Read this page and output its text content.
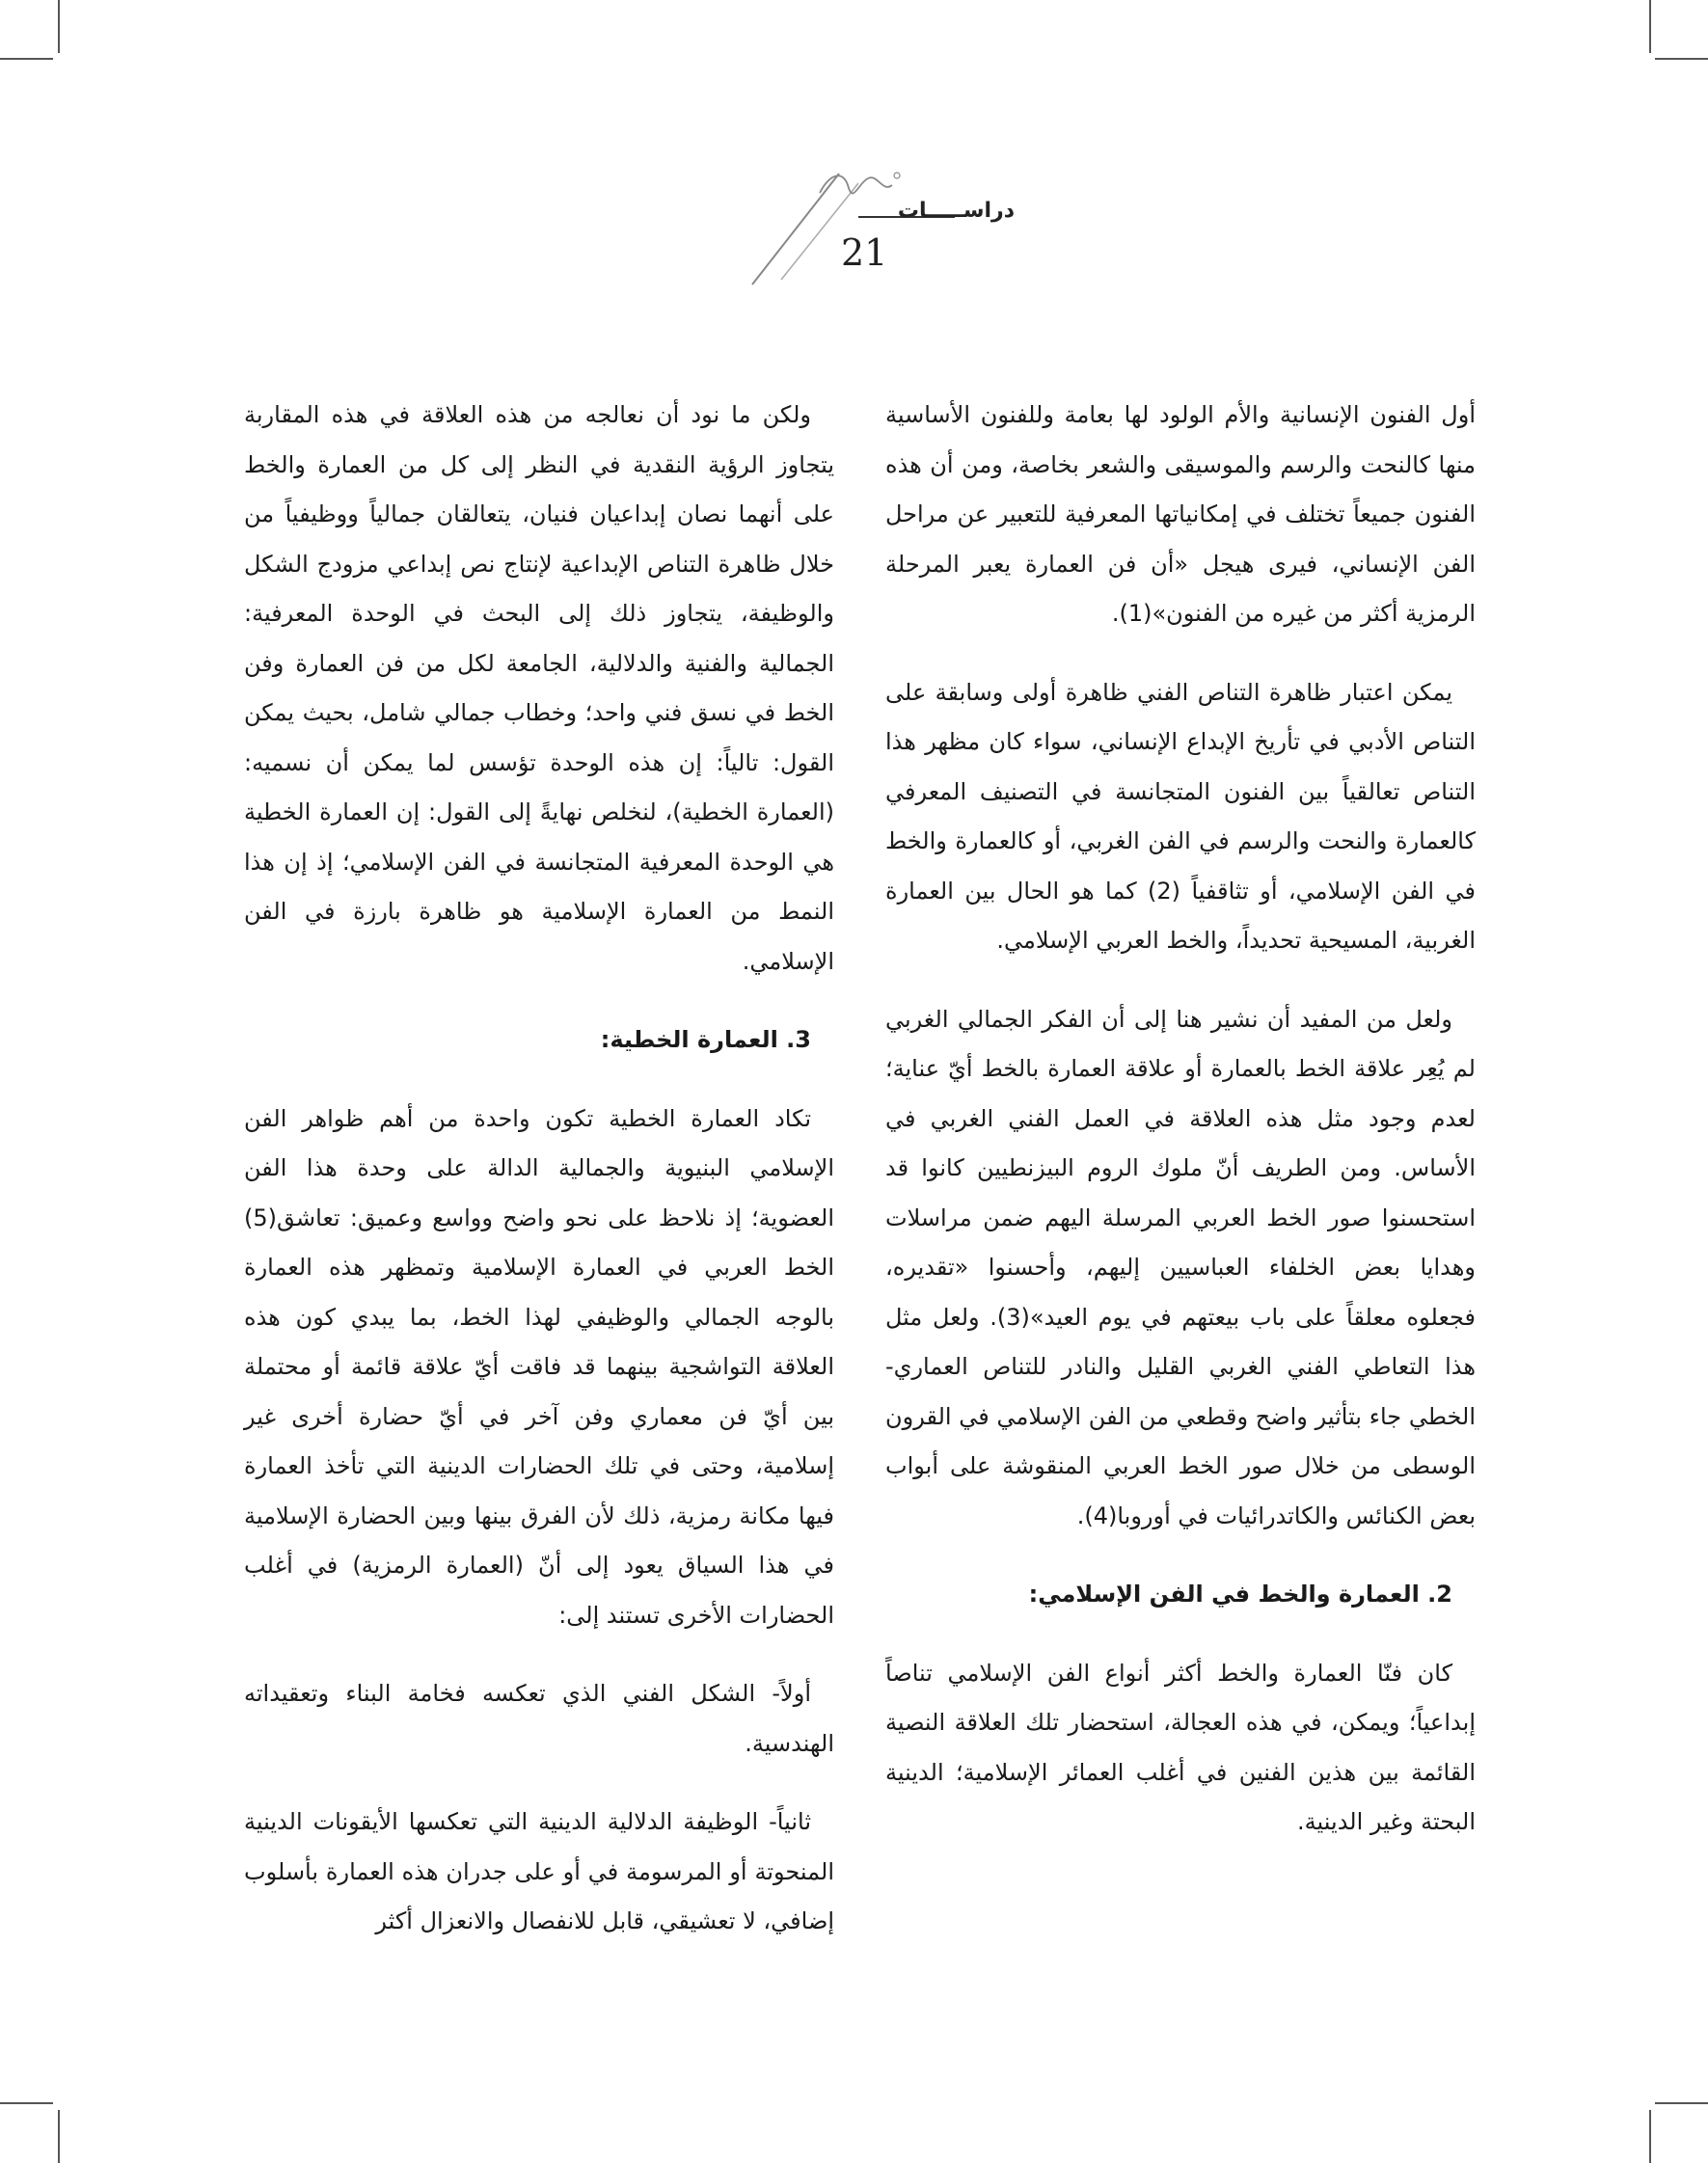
دراســـــات
21

أول الفنون الإنسانية والأم الولود لها بعامة وللفنون الأساسية منها كالنحت والرسم والموسيقى والشعر بخاصة، ومن أن هذه الفنون جميعاً تختلف في إمكانياتها المعرفية للتعبير عن مراحل الفن الإنساني، فيرى هيجل «أن فن العمارة يعبر المرحلة الرمزية أكثر من غيره من الفنون»(1).

يمكن اعتبار ظاهرة التناص الفني ظاهرة أولى وسابقة على التناص الأدبي في تأريخ الإبداع الإنساني، سواء كان مظهر هذا التناص تعالقياً بين الفنون المتجانسة في التصنيف المعرفي كالعمارة والنحت والرسم في الفن الغربي، أو كالعمارة والخط في الفن الإسلامي، أو تثاقفياً (2) كما هو الحال بين العمارة الغربية، المسيحية تحديداً، والخط العربي الإسلامي.

ولعل من المفيد أن نشير هنا إلى أن الفكر الجمالي الغربي لم يُعِر علاقة الخط بالعمارة أو علاقة العمارة بالخط أيّ عناية؛ لعدم وجود مثل هذه العلاقة في العمل الفني الغربي في الأساس. ومن الطريف أنّ ملوك الروم البيزنطيين كانوا قد استحسنوا صور الخط العربي المرسلة اليهم ضمن مراسلات وهدايا بعض الخلفاء العباسيين إليهم، وأحسنوا «تقديره، فجعلوه معلقاً على باب بيعتهم في يوم العيد»(3). ولعل مثل هذا التعاطي الفني الغربي القليل والنادر للتناص العماري- الخطي جاء بتأثير واضح وقطعي من الفن الإسلامي في القرون الوسطى من خلال صور الخط العربي المنقوشة على أبواب بعض الكنائس والكاتدرائيات في أوروبا(4).

2. العمارة والخط في الفن الإسلامي:

كان فنّا العمارة والخط أكثر أنواع الفن الإسلامي تناصاً إبداعياً؛ ويمكن، في هذه العجالة، استحضار تلك العلاقة النصية القائمة بين هذين الفنين في أغلب العمائر الإسلامية؛ الدينية البحتة وغير الدينية.

ولكن ما نود أن نعالجه من هذه العلاقة في هذه المقاربة يتجاوز الرؤية النقدية في النظر إلى كل من العمارة والخط على أنهما نصان إبداعيان فنيان، يتعالقان جمالياً ووظيفياً من خلال ظاهرة التناص الإبداعية لإنتاج نص إبداعي مزودج الشكل والوظيفة، يتجاوز ذلك إلى البحث في الوحدة المعرفية: الجمالية والفنية والدلالية، الجامعة لكل من فن العمارة وفن الخط في نسق فني واحد؛ وخطاب جمالي شامل، بحيث يمكن القول: تالياً: إن هذه الوحدة تؤسس لما يمكن أن نسميه: (العمارة الخطية)، لنخلص نهايةً إلى القول: إن العمارة الخطية هي الوحدة المعرفية المتجانسة في الفن الإسلامي؛ إذ إن هذا النمط من العمارة الإسلامية هو ظاهرة بارزة في الفن الإسلامي.

3. العمارة الخطية:

تكاد العمارة الخطية تكون واحدة من أهم ظواهر الفن الإسلامي البنيوية والجمالية الدالة على وحدة هذا الفن العضوية؛ إذ نلاحظ على نحو واضح وواسع وعميق: تعاشق(5) الخط العربي في العمارة الإسلامية وتمظهر هذه العمارة بالوجه الجمالي والوظيفي لهذا الخط، بما يبدي كون هذه العلاقة التواشجية بينهما قد فاقت أيّ علاقة قائمة أو محتملة بين أيّ فن معماري وفن آخر في أيّ حضارة أخرى غير إسلامية، وحتى في تلك الحضارات الدينية التي تأخذ العمارة فيها مكانة رمزية، ذلك لأن الفرق بينها وبين الحضارة الإسلامية في هذا السياق يعود إلى أنّ (العمارة الرمزية) في أغلب الحضارات الأخرى تستند إلى:

أولاً- الشكل الفني الذي تعكسه فخامة البناء وتعقيداته الهندسية.

ثانياً- الوظيفة الدلالية الدينية التي تعكسها الأيقونات الدينية المنحوتة أو المرسومة في أو على جدران هذه العمارة بأسلوب إضافي، لا تعشيقي، قابل للانفصال والانعزال أكثر
